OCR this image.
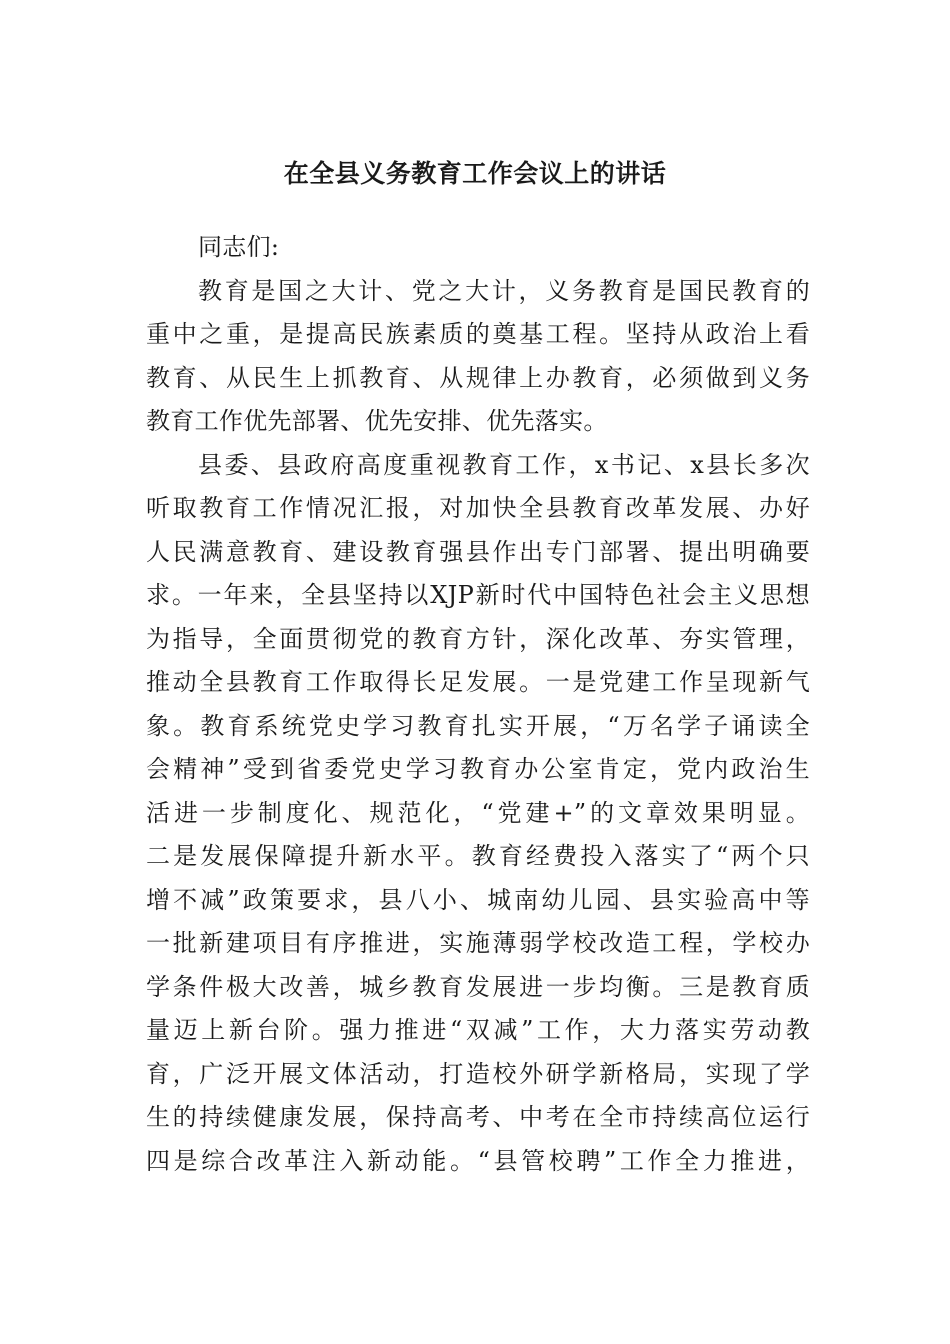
在全县义务教育工作会议上的讲话
同志们:
教育是国之大计、党之大计，义务教育是国民教育的
重中之重，是提高民族素质的奠基工程。坚持从政治上看
教育、从民生上抓教育、从规律上办教育，必须做到义务
教育工作优先部署、优先安排、优先落实。
县委、县政府高度重视教育工作，x书记、x县长多次
听取教育工作情况汇报，对加快全县教育改革发展、办好
人民满意教育、建设教育强县作出专门部署、提出明确要
求。一年来，全县坚持以XJP新时代中国特色社会主义思想
为指导，全面贯彻党的教育方针，深化改革、夯实管理，
推动全县教育工作取得长足发展。一是党建工作呈现新气
象。教育系统党史学习教育扎实开展，“万名学子诵读全
会精神”受到省委党史学习教育办公室肯定，党内政治生
活进一步制度化、规范化，“党建+”的文章效果明显。
二是发展保障提升新水平。教育经费投入落实了“两个只
增不减”政策要求，县八小、城南幼儿园、县实验高中等
一批新建项目有序推进，实施薄弱学校改造工程，学校办
学条件极大改善，城乡教育发展进一步均衡。三是教育质
量迈上新台阶。强力推进“双减”工作，大力落实劳动教
育，广泛开展文体活动，打造校外研学新格局，实现了学
生的持续健康发展，保持高考、中考在全市持续高位运行
四是综合改革注入新动能。“县管校聘”工作全力推进，
